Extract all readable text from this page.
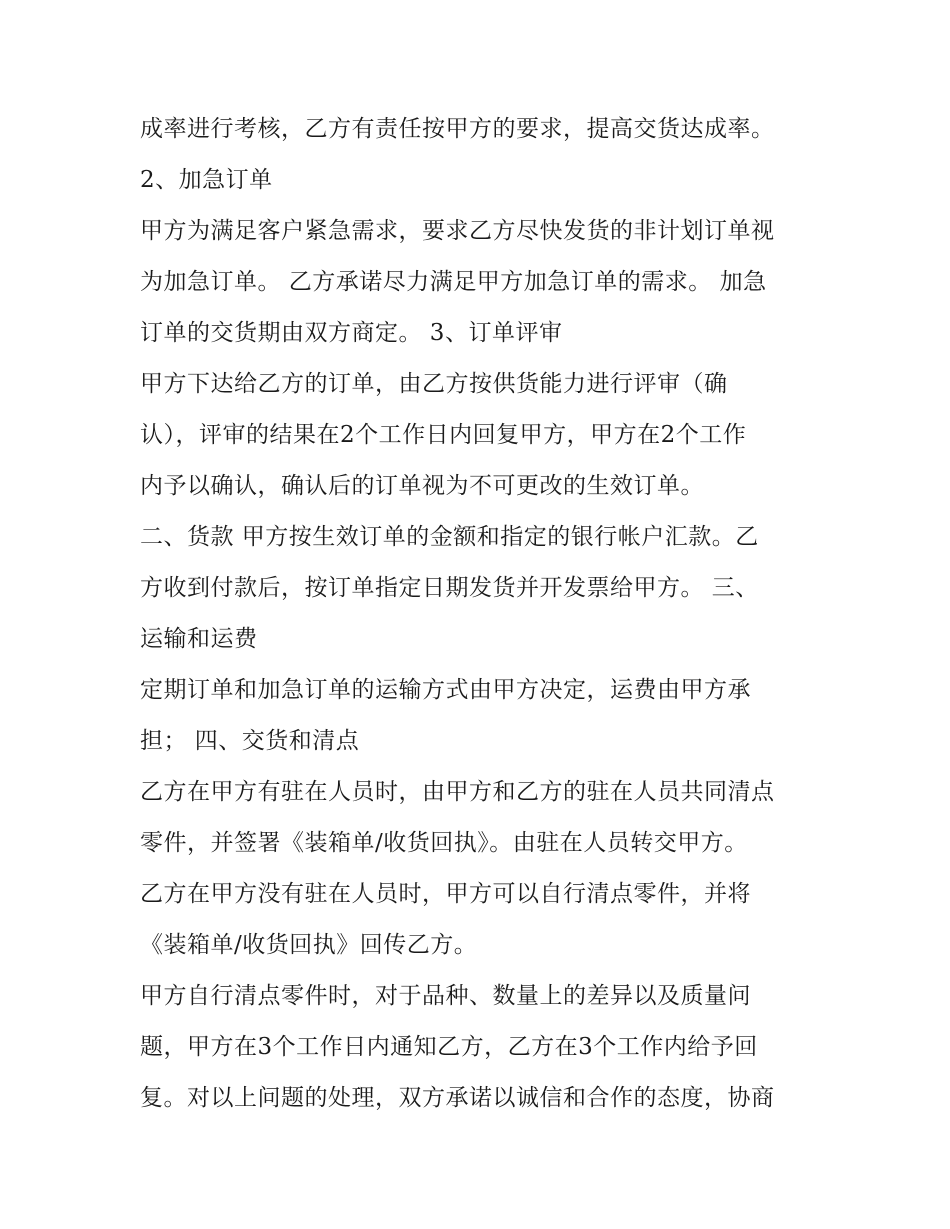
成率进行考核，乙方有责任按甲方的要求，提高交货达成率。
2、加急订单
甲方为满足客户紧急需求，要求乙方尽快发货的非计划订单视
为加急订单。 乙方承诺尽力满足甲方加急订单的需求。 加急
订单的交货期由双方商定。 3、订单评审
甲方下达给乙方的订单，由乙方按供货能力进行评审（确
认），评审的结果在2个工作日内回复甲方，甲方在2个工作
内予以确认，确认后的订单视为不可更改的生效订单。
二、货款 甲方按生效订单的金额和指定的银行帐户汇款。乙
方收到付款后，按订单指定日期发货并开发票给甲方。 三、
运输和运费
定期订单和加急订单的运输方式由甲方决定，运费由甲方承
担； 四、交货和清点
乙方在甲方有驻在人员时，由甲方和乙方的驻在人员共同清点
零件，并签署《装箱单/收货回执》。由驻在人员转交甲方。
乙方在甲方没有驻在人员时，甲方可以自行清点零件，并将
《装箱单/收货回执》回传乙方。
甲方自行清点零件时，对于品种、数量上的差异以及质量问
题，甲方在3个工作日内通知乙方，乙方在3个工作内给予回
复。对以上问题的处理，双方承诺以诚信和合作的态度，协商
